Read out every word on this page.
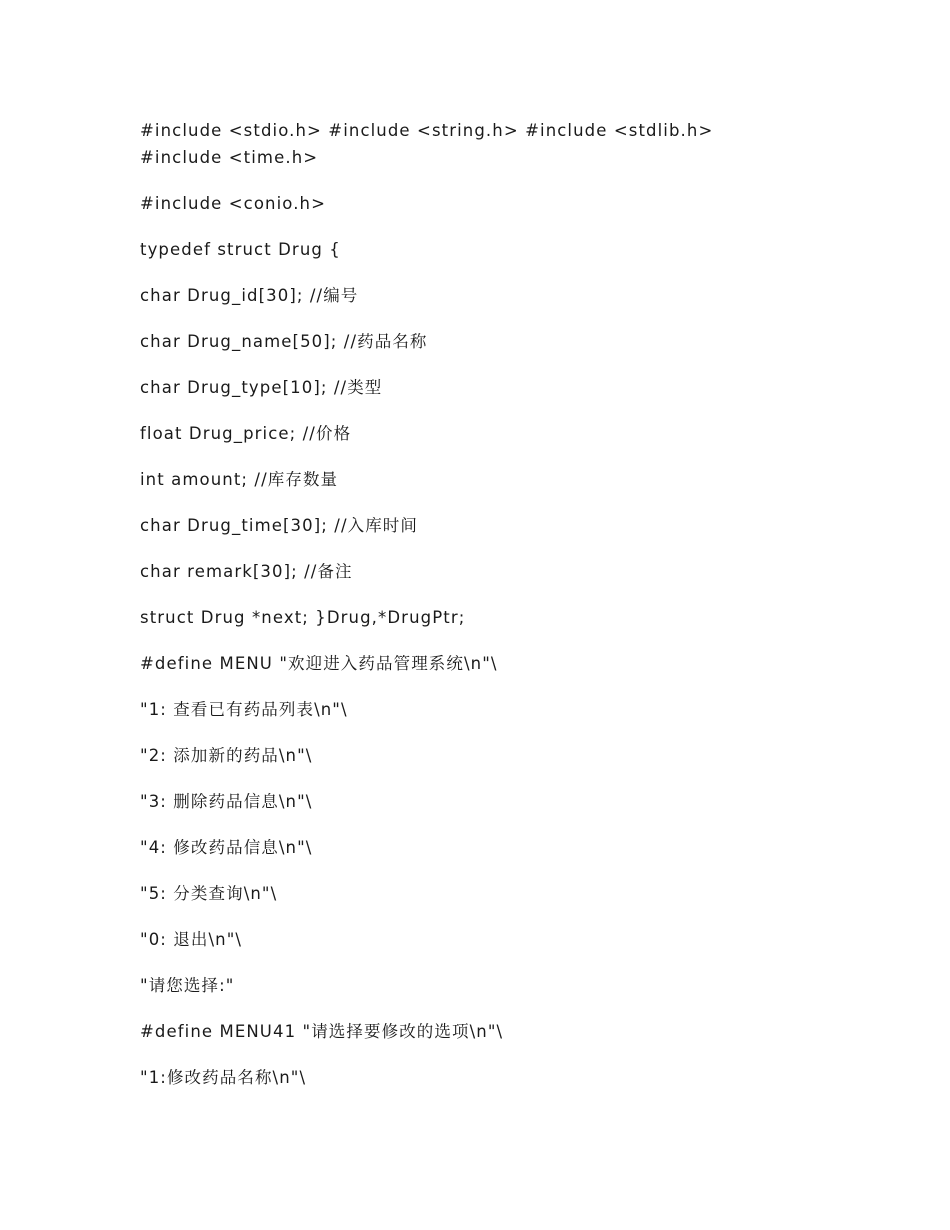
#include <stdio.h> #include <string.h> #include <stdlib.h>
#include <time.h>
#include <conio.h>
typedef struct Drug {
char Drug_id[30]; //编号
char Drug_name[50]; //药品名称
char Drug_type[10]; //类型
float Drug_price; //价格
int amount; //库存数量
char Drug_time[30]; //入库时间
char remark[30]; //备注
struct Drug *next; }Drug,*DrugPtr;
#define MENU "欢迎进入药品管理系统\n"\
"1: 查看已有药品列表\n"\
"2: 添加新的药品\n"\
"3: 删除药品信息\n"\
"4: 修改药品信息\n"\
"5: 分类查询\n"\
"0: 退出\n"\
"请您选择:"
#define MENU41 "请选择要修改的选项\n"\
"1:修改药品名称\n"\
